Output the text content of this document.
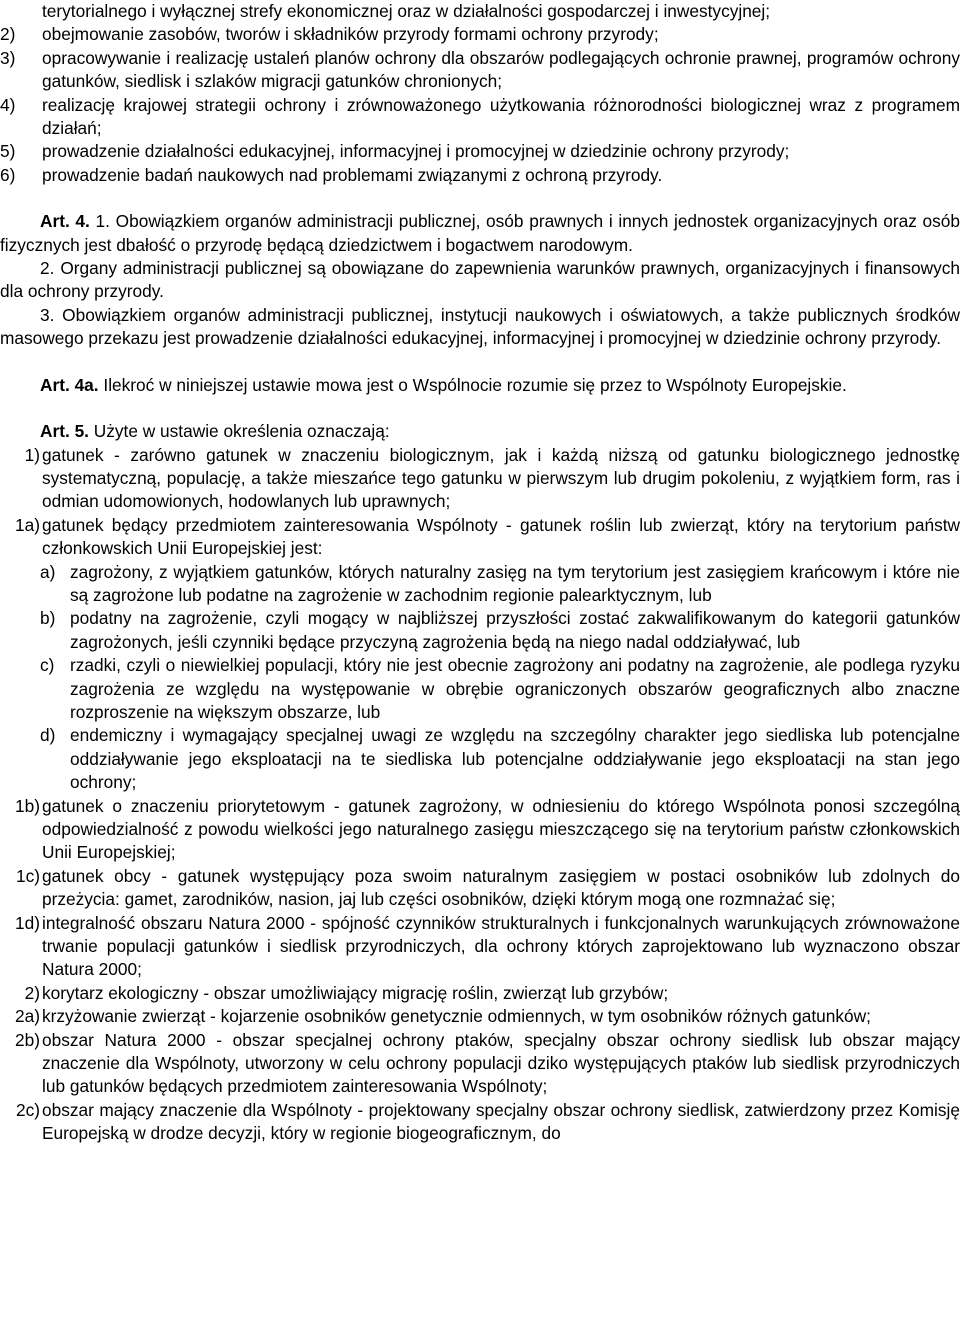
terytorialnego i wyłącznej strefy ekonomicznej oraz w działalności gospodarczej i inwestycyjnej;
2)	obejmowanie zasobów, tworów i składników przyrody formami ochrony przyrody;
3)	opracowywanie i realizację ustaleń planów ochrony dla obszarów podlegających ochronie prawnej, programów ochrony gatunków, siedlisk i szlaków migracji gatunków chronionych;
4)	realizację krajowej strategii ochrony i zrównoważonego użytkowania różnorodności biologicznej wraz z programem działań;
5)	prowadzenie działalności edukacyjnej, informacyjnej i promocyjnej w dziedzinie ochrony przyrody;
6)	prowadzenie badań naukowych nad problemami związanymi z ochroną przyrody.

Art. 4. 1. Obowiązkiem organów administracji publicznej, osób prawnych i innych jednostek organizacyjnych oraz osób fizycznych jest dbałość o przyrodę będącą dziedzictwem i bogactwem narodowym.

2. Organy administracji publicznej są obowiązane do zapewnienia warunków prawnych, organizacyjnych i finansowych dla ochrony przyrody.

3. Obowiązkiem organów administracji publicznej, instytucji naukowych i oświatowych, a także publicznych środków masowego przekazu jest prowadzenie działalności edukacyjnej, informacyjnej i promocyjnej w dziedzinie ochrony przyrody.

Art. 4a. Ilekroć w niniejszej ustawie mowa jest o Wspólnocie rozumie się przez to Wspólnoty Europejskie.

Art. 5. Użyte w ustawie określenia oznaczają:

1) gatunek - zarówno gatunek w znaczeniu biologicznym, jak i każdą niższą od gatunku biologicznego jednostkę systematyczną, populację, a także mieszańce tego gatunku w pierwszym lub drugim pokoleniu, z wyjątkiem form, ras i odmian udomowionych, hodowlanych lub uprawnych;
1a) gatunek będący przedmiotem zainteresowania Wspólnoty - gatunek roślin lub zwierząt, który na terytorium państw członkowskich Unii Europejskiej jest:
a) zagrożony, z wyjątkiem gatunków, których naturalny zasięg na tym terytorium jest zasięgiem krańcowym i które nie są zagrożone lub podatne na zagrożenie w zachodnim regionie palearktycznym, lub
b) podatny na zagrożenie, czyli mogący w najbliższej przyszłości zostać zakwalifikowanym do kategorii gatunków zagrożonych, jeśli czynniki będące przyczyną zagrożenia będą na niego nadal oddziaływać, lub
c) rzadki, czyli o niewielkiej populacji, który nie jest obecnie zagrożony ani podatny na zagrożenie, ale podlega ryzyku zagrożenia ze względu na występowanie w obrębie ograniczonych obszarów geograficznych albo znaczne rozproszenie na większym obszarze, lub
d) endemiczny i wymagający specjalnej uwagi ze względu na szczególny charakter jego siedliska lub potencjalne oddziaływanie jego eksploatacji na te siedliska lub potencjalne oddziaływanie jego eksploatacji na stan jego ochrony;
1b) gatunek o znaczeniu priorytetowym - gatunek zagrożony, w odniesieniu do którego Wspólnota ponosi szczególną odpowiedzialność z powodu wielkości jego naturalnego zasięgu mieszczącego się na terytorium państw członkowskich Unii Europejskiej;
1c) gatunek obcy - gatunek występujący poza swoim naturalnym zasięgiem w postaci osobników lub zdolnych do przeżycia: gamet, zarodników, nasion, jaj lub części osobników, dzięki którym mogą one rozmnażać się;
1d) integralność obszaru Natura 2000 - spójność czynników strukturalnych i funkcjonalnych warunkujących zrównoważone trwanie populacji gatunków i siedlisk przyrodniczych, dla ochrony których zaprojektowano lub wyznaczono obszar Natura 2000;
2) korytarz ekologiczny - obszar umożliwiający migrację roślin, zwierząt lub grzybów;
2a) krzyżowanie zwierząt - kojarzenie osobników genetycznie odmiennych, w tym osobników różnych gatunków;
2b) obszar Natura 2000 - obszar specjalnej ochrony ptaków, specjalny obszar ochrony siedlisk lub obszar mający znaczenie dla Wspólnoty, utworzony w celu ochrony populacji dziko występujących ptaków lub siedlisk przyrodniczych lub gatunków będących przedmiotem zainteresowania Wspólnoty;
2c) obszar mający znaczenie dla Wspólnoty - projektowany specjalny obszar ochrony siedlisk, zatwierdzony przez Komisję Europejską w drodze decyzji, który w regionie biogeograficznym, do
